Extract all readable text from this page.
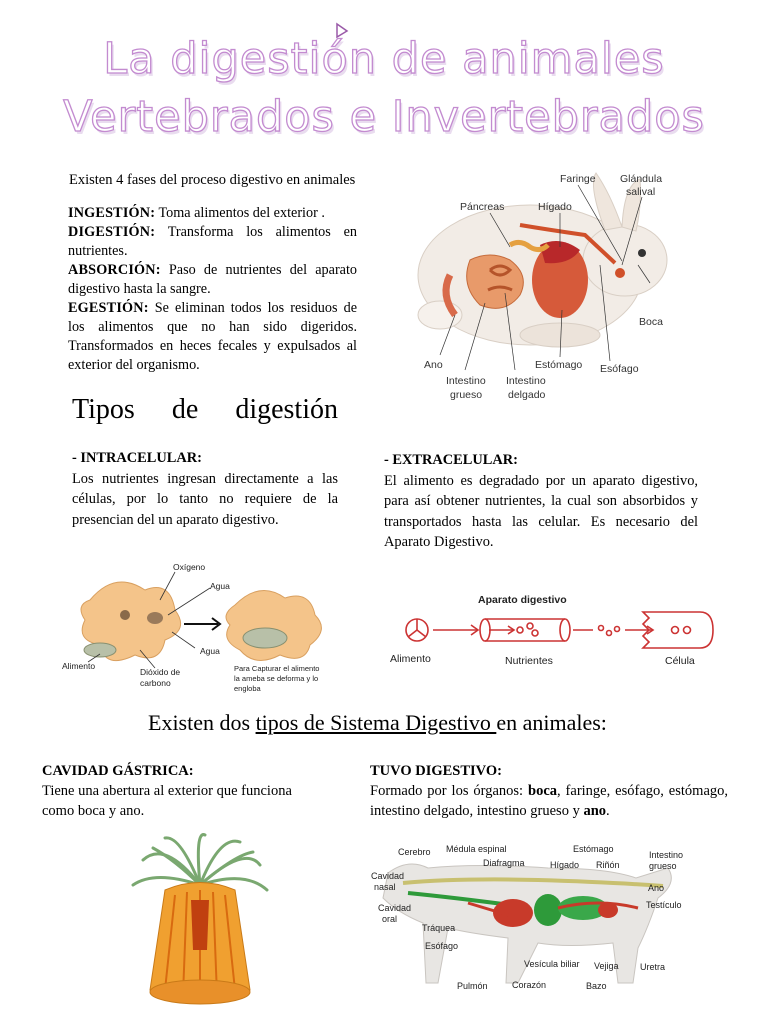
La digestión de animales
Vertebrados e Invertebrados
Existen 4 fases del proceso digestivo en animales

INGESTIÓN: Toma alimentos del exterior .

DIGESTIÓN: Transforma los alimentos en nutrientes.

ABSORCIÓN: Paso de nutrientes del aparato digestivo hasta la sangre.

EGESTIÓN: Se eliminan todos los residuos de los alimentos que no han sido digeridos. Transformados en heces fecales y expulsados al exterior del organismo.

Faringe Glándula
salival
Páncreas	Hígado
Boca
Ano	Estómago Esófago
Intestino
grueso
Intestino
delgado
Tipos de digestión
- INTRACELULAR:
Los nutrientes ingresan directamente a las células, por lo tanto no requiere de la presencian del un aparato digestivo.
- EXTRACELULAR:
El alimento es degradado por un aparato digestivo, para así obtener nutrientes, la cual son absorbidos y transportados hasta las celular. Es necesario del Aparato Digestivo.
Oxígeno
Agua
Agua
Alimento
Dióxido de
carbono
Para Capturar el alimento
la ameba se deforma y lo
engloba
Aparato digestivo
Alimento	Nutrientes	Célula
Existen dos tipos de Sistema Digestivo en animales:
CAVIDAD GÁSTRICA:
Tiene una abertura al exterior que funciona como boca y ano.
TUVO DIGESTIVO:
Formado por los órganos: boca, faringe, esófago, estómago, intestino delgado, intestino grueso y ano.
Cerebro Médula espinal
Diafragma
Estómago
Hígado Riñón
Intestino
grueso
Cavidad
nasal
Cavidad
oral
Ano
Testículo
Tráquea
Esófago
Vesícula biliar Vejiga Uretra
Pulmón	Corazón	Bazo
